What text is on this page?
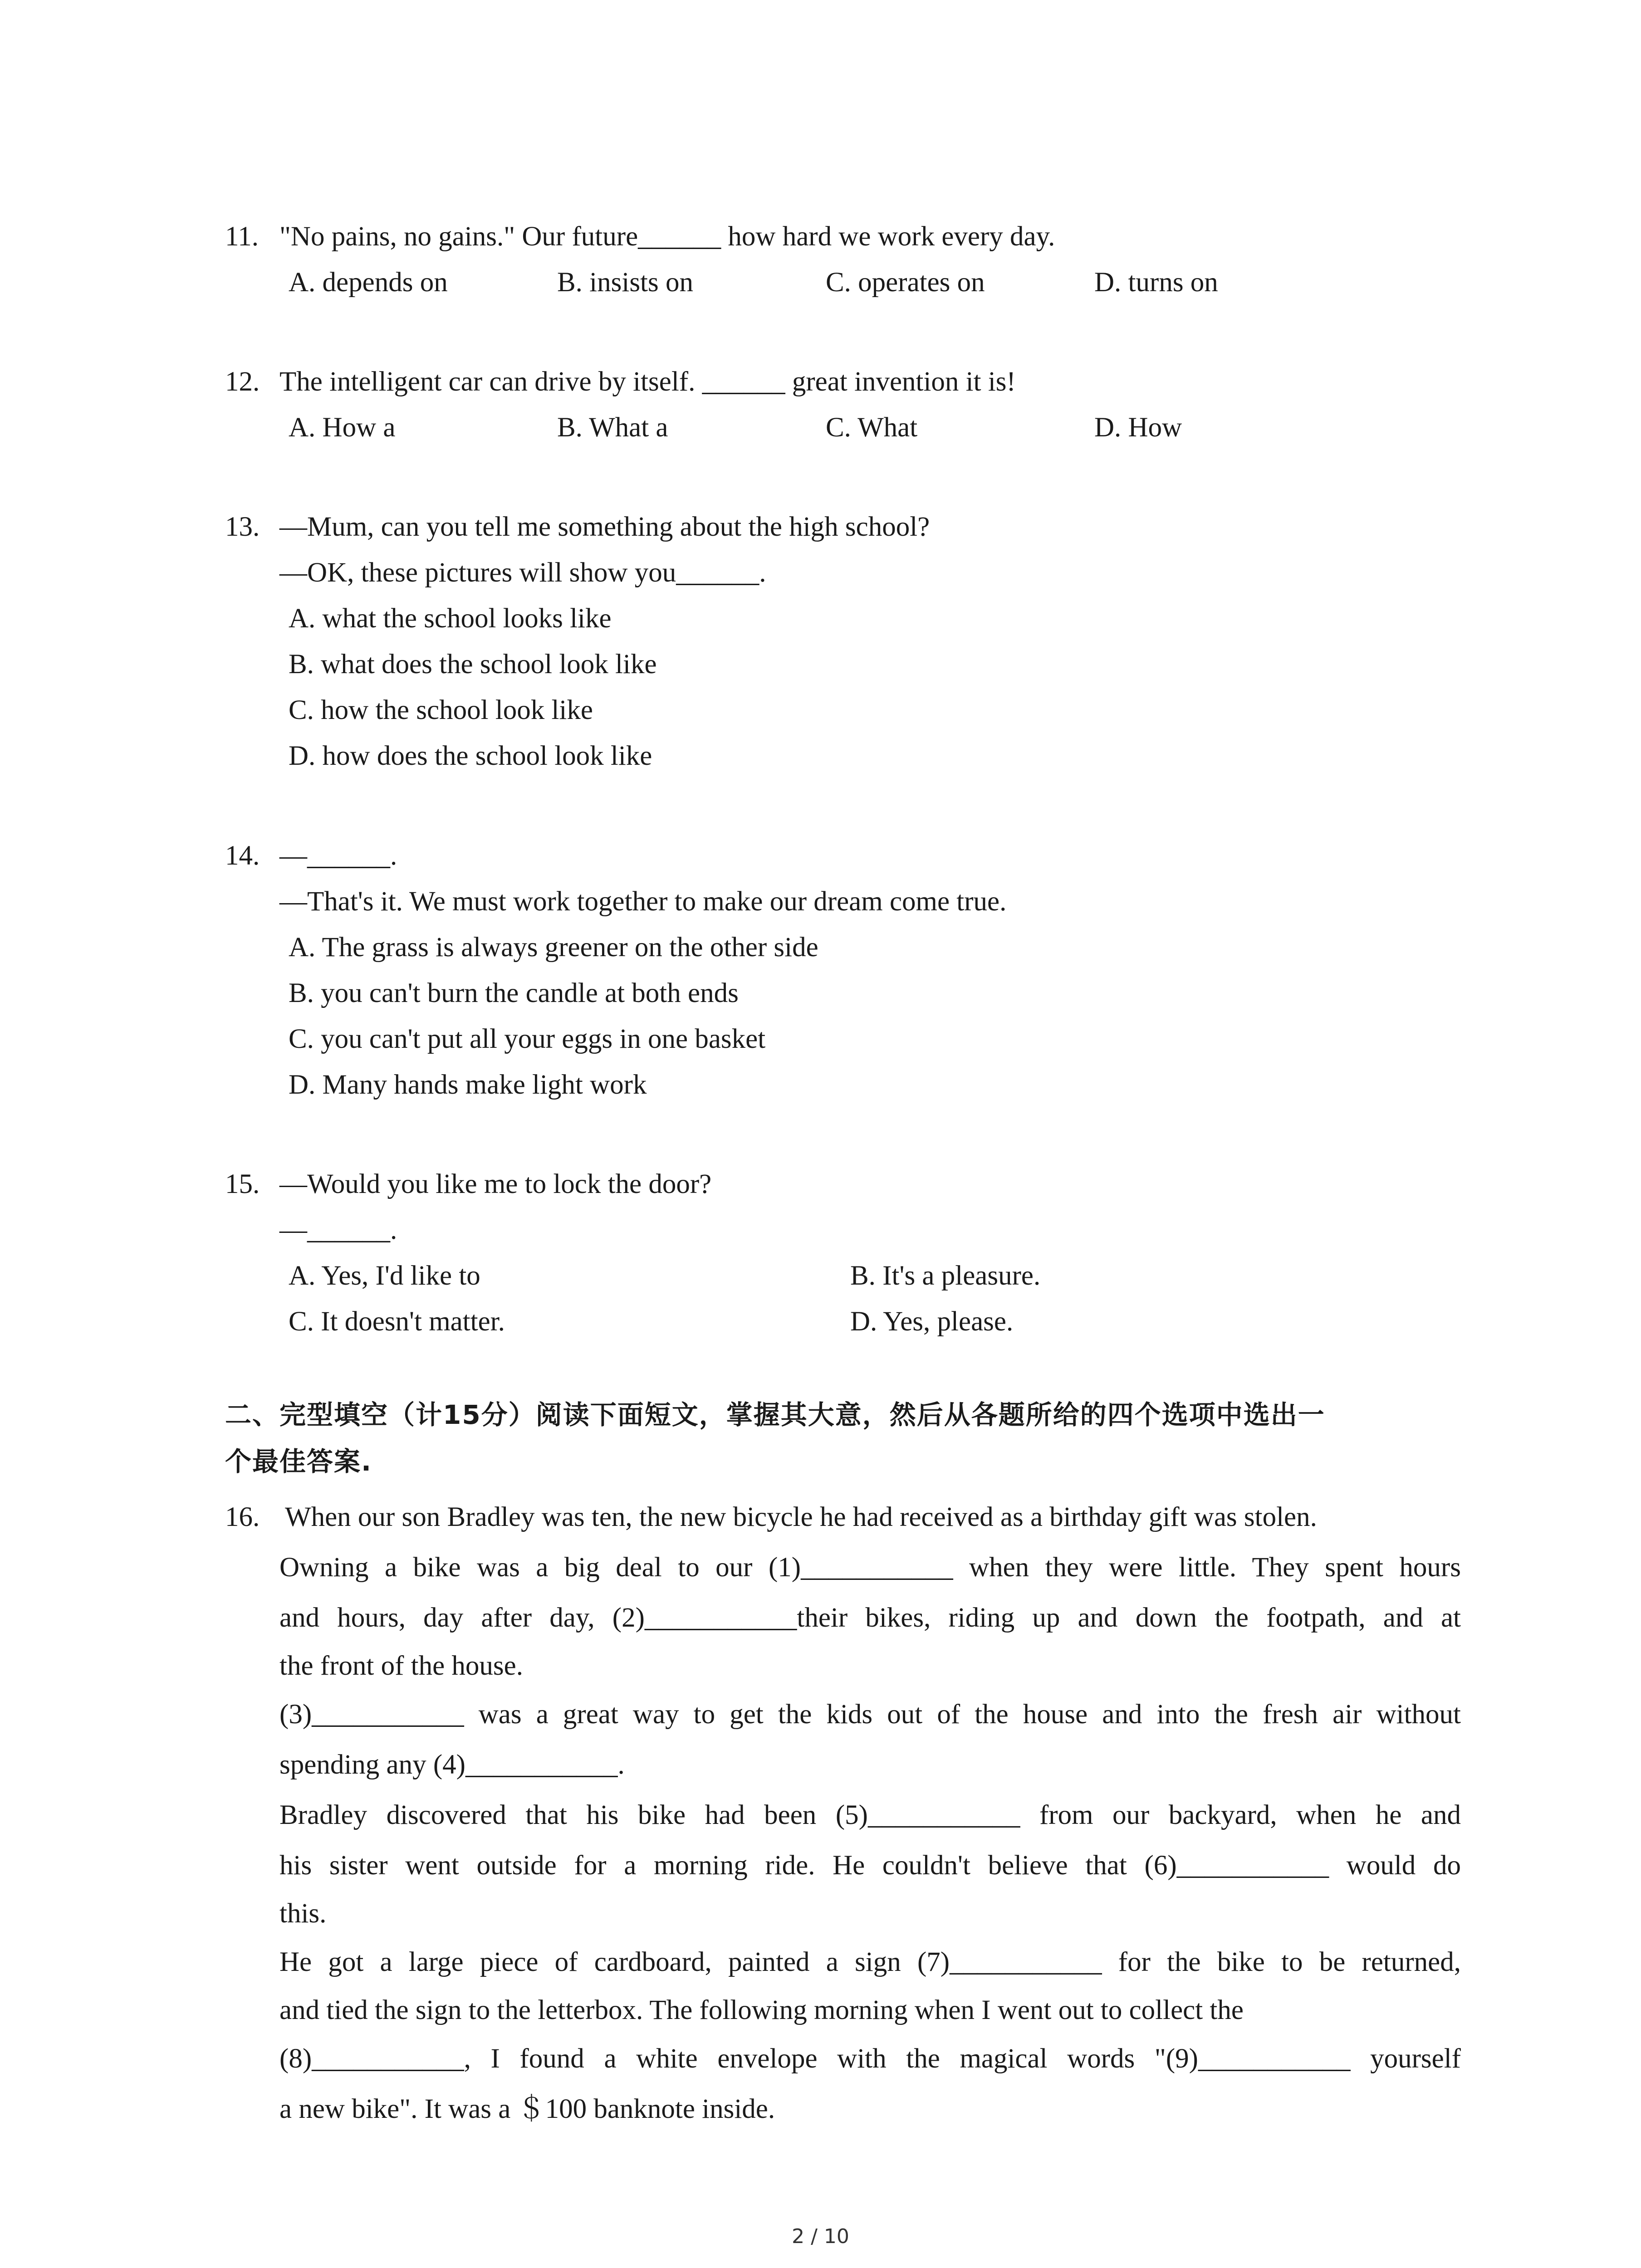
11. "No pains, no gains." Our future______ how hard we work every day.
A. depends on	B. insists on	C. operates on	D. turns on
12. The intelligent car can drive by itself. ______ great invention it is!
A. How a	B. What a	C. What	D. How
13. —Mum, can you tell me something about the high school?
—OK, these pictures will show you______.
A. what the school looks like
B. what does the school look like
C. how the school look like
D. how does the school look like
14. —______.
—That's it. We must work together to make our dream come true.
A. The grass is always greener on the other side
B. you can't burn the candle at both ends
C. you can't put all your eggs in one basket
D. Many hands make light work
15. —Would you like me to lock the door?
—______.
A. Yes, I'd like to	B. It's a pleasure.
C. It doesn't matter.	D. Yes, please.
二、完型填空（计15分）阅读下面短文，掌握其大意，然后从各题所给的四个选项中选出一
个最佳答案.
16. When our son Bradley was ten, the new bicycle he had received as a birthday gift was stolen.
Owning a bike was a big deal to our (1)___________ when they were little. They spent hours
and hours, day after day, (2)___________their bikes, riding up and down the footpath, and at
the front of the house.
(3)___________ was a great way to get the kids out of the house and into the fresh air without
spending any (4)___________.
Bradley discovered that his bike had been (5)___________ from our backyard, when he and
his sister went outside for a morning ride. He couldn't believe that (6)___________ would do
this.
He got a large piece of cardboard, painted a sign (7)___________ for the bike to be returned,
and tied the sign to the letterbox. The following morning when I went out to collect the
(8)___________, I found a white envelope with the magical words "(9)___________ yourself
a new bike". It was a ＄100 banknote inside.
2 / 10
